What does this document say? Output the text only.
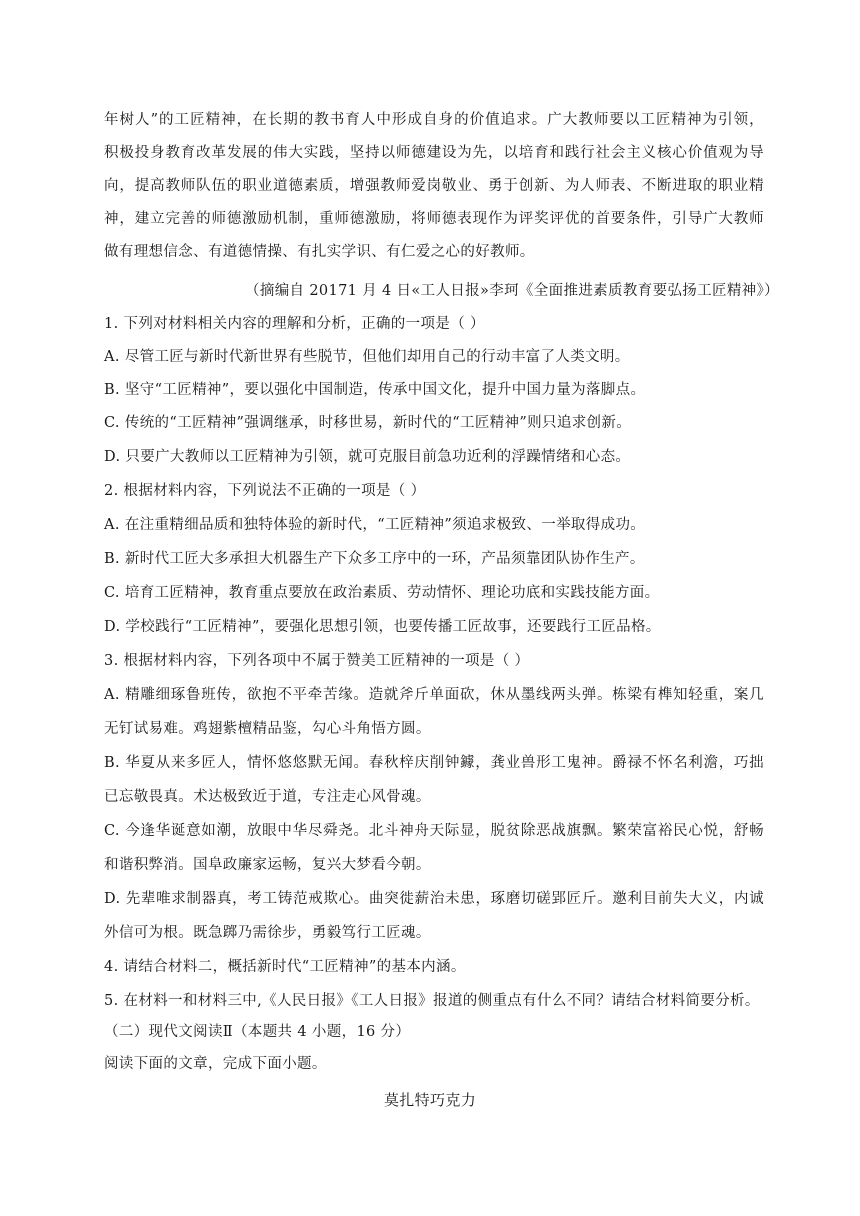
年树人”的工匠精神，在长期的教书育人中形成自身的价值追求。广大教师要以工匠精神为引领，
积极投身教育改革发展的伟大实践，坚持以师德建设为先，以培育和践行社会主义核心价值观为导
向，提高教师队伍的职业道德素质，增强教师爱岗敬业、勇于创新、为人师表、不断进取的职业精
神，建立完善的师德激励机制，重师德激励，将师德表现作为评奖评优的首要条件，引导广大教师
做有理想信念、有道德情操、有扎实学识、有仁爱之心的好教师。
（摘编自 20171 月 4 日«工人日报»李珂《全面推进素质教育要弘扬工匠精神》）
1. 下列对材料相关内容的理解和分析，正确的一项是（ ）
A. 尽管工匠与新时代新世界有些脱节，但他们却用自己的行动丰富了人类文明。
B. 坚守“工匠精神”，要以强化中国制造，传承中国文化，提升中国力量为落脚点。
C. 传统的“工匠精神”强调继承，时移世易，新时代的“工匠精神”则只追求创新。
D. 只要广大教师以工匠精神为引领，就可克服目前急功近利的浮躁情绪和心态。
2. 根据材料内容，下列说法不正确的一项是（ ）
A. 在注重精细品质和独特体验的新时代，“工匠精神”须追求极致、一举取得成功。
B. 新时代工匠大多承担大机器生产下众多工序中的一环，产品须靠团队协作生产。
C. 培育工匠精神，教育重点要放在政治素质、劳动情怀、理论功底和实践技能方面。
D. 学校践行“工匠精神”，要强化思想引领，也要传播工匠故事，还要践行工匠品格。
3. 根据材料内容，下列各项中不属于赞美工匠精神的一项是（ ）
A. 精雕细琢鲁班传，欲抱不平牵苦缘。造就斧斤单面砍，休从墨线两头弹。栋梁有榫知轻重，案几
无钉试易难。鸡翅紫檀精品鉴，勾心斗角悟方圆。
B. 华夏从来多匠人，情怀悠悠默无闻。春秋梓庆削钟鐻，龚业兽形工鬼神。爵禄不怀名利澹，巧拙
已忘敬畏真。术达极致近于道，专注走心风骨魂。
C. 今逢华诞意如潮，放眼中华尽舜尧。北斗神舟天际显，脱贫除恶战旗飘。繁荣富裕民心悦，舒畅
和谐积弊消。国阜政廉家运畅，复兴大梦看今朝。
D. 先辈唯求制器真，考工铸范戒欺心。曲突徙薪治未患，琢磨切磋郢匠斤。邀利目前失大义，内诚
外信可为根。既急踯乃需徐步，勇毅笃行工匠魂。
4. 请结合材料二，概括新时代“工匠精神”的基本内涵。
5. 在材料一和材料三中,《人民日报》《工人日报》报道的侧重点有什么不同？请结合材料简要分析。
（二）现代文阅读Ⅱ（本题共 4 小题，16 分）
阅读下面的文章，完成下面小题。
莫扎特巧克力
